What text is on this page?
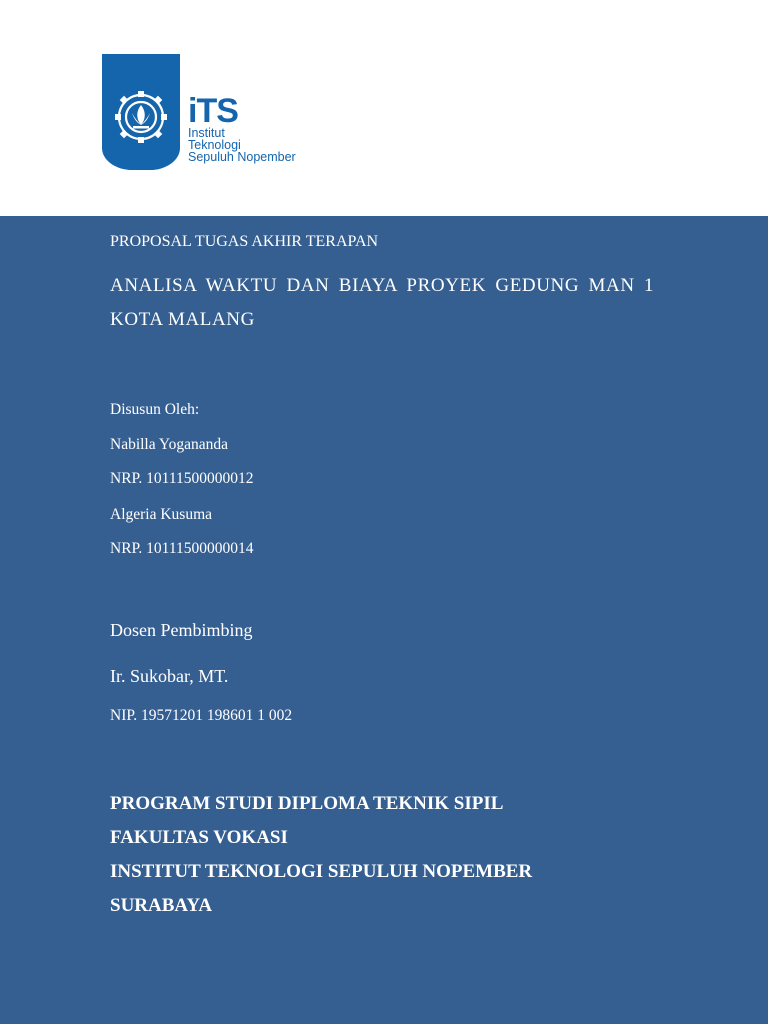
iTS

Institut
Teknologi
Sepuluh Nopember

PROPOSAL TUGAS AKHIR TERAPAN

ANALISA WAKTU DAN BIAYA PROYEK GEDUNG MAN 1

KOTA MALANG

Disusun Oleh:

Nabilla Yogananda

NRP. 10111500000012

Algeria Kusuma

NRP. 10111500000014

Dosen Pembimbing

Ir. Sukobar, MT.

NIP. 19571201 198601 1 002

PROGRAM STUDI DIPLOMA TEKNIK SIPIL

FAKULTAS VOKASI

INSTITUT TEKNOLOGI SEPULUH NOPEMBER

SURABAYA
